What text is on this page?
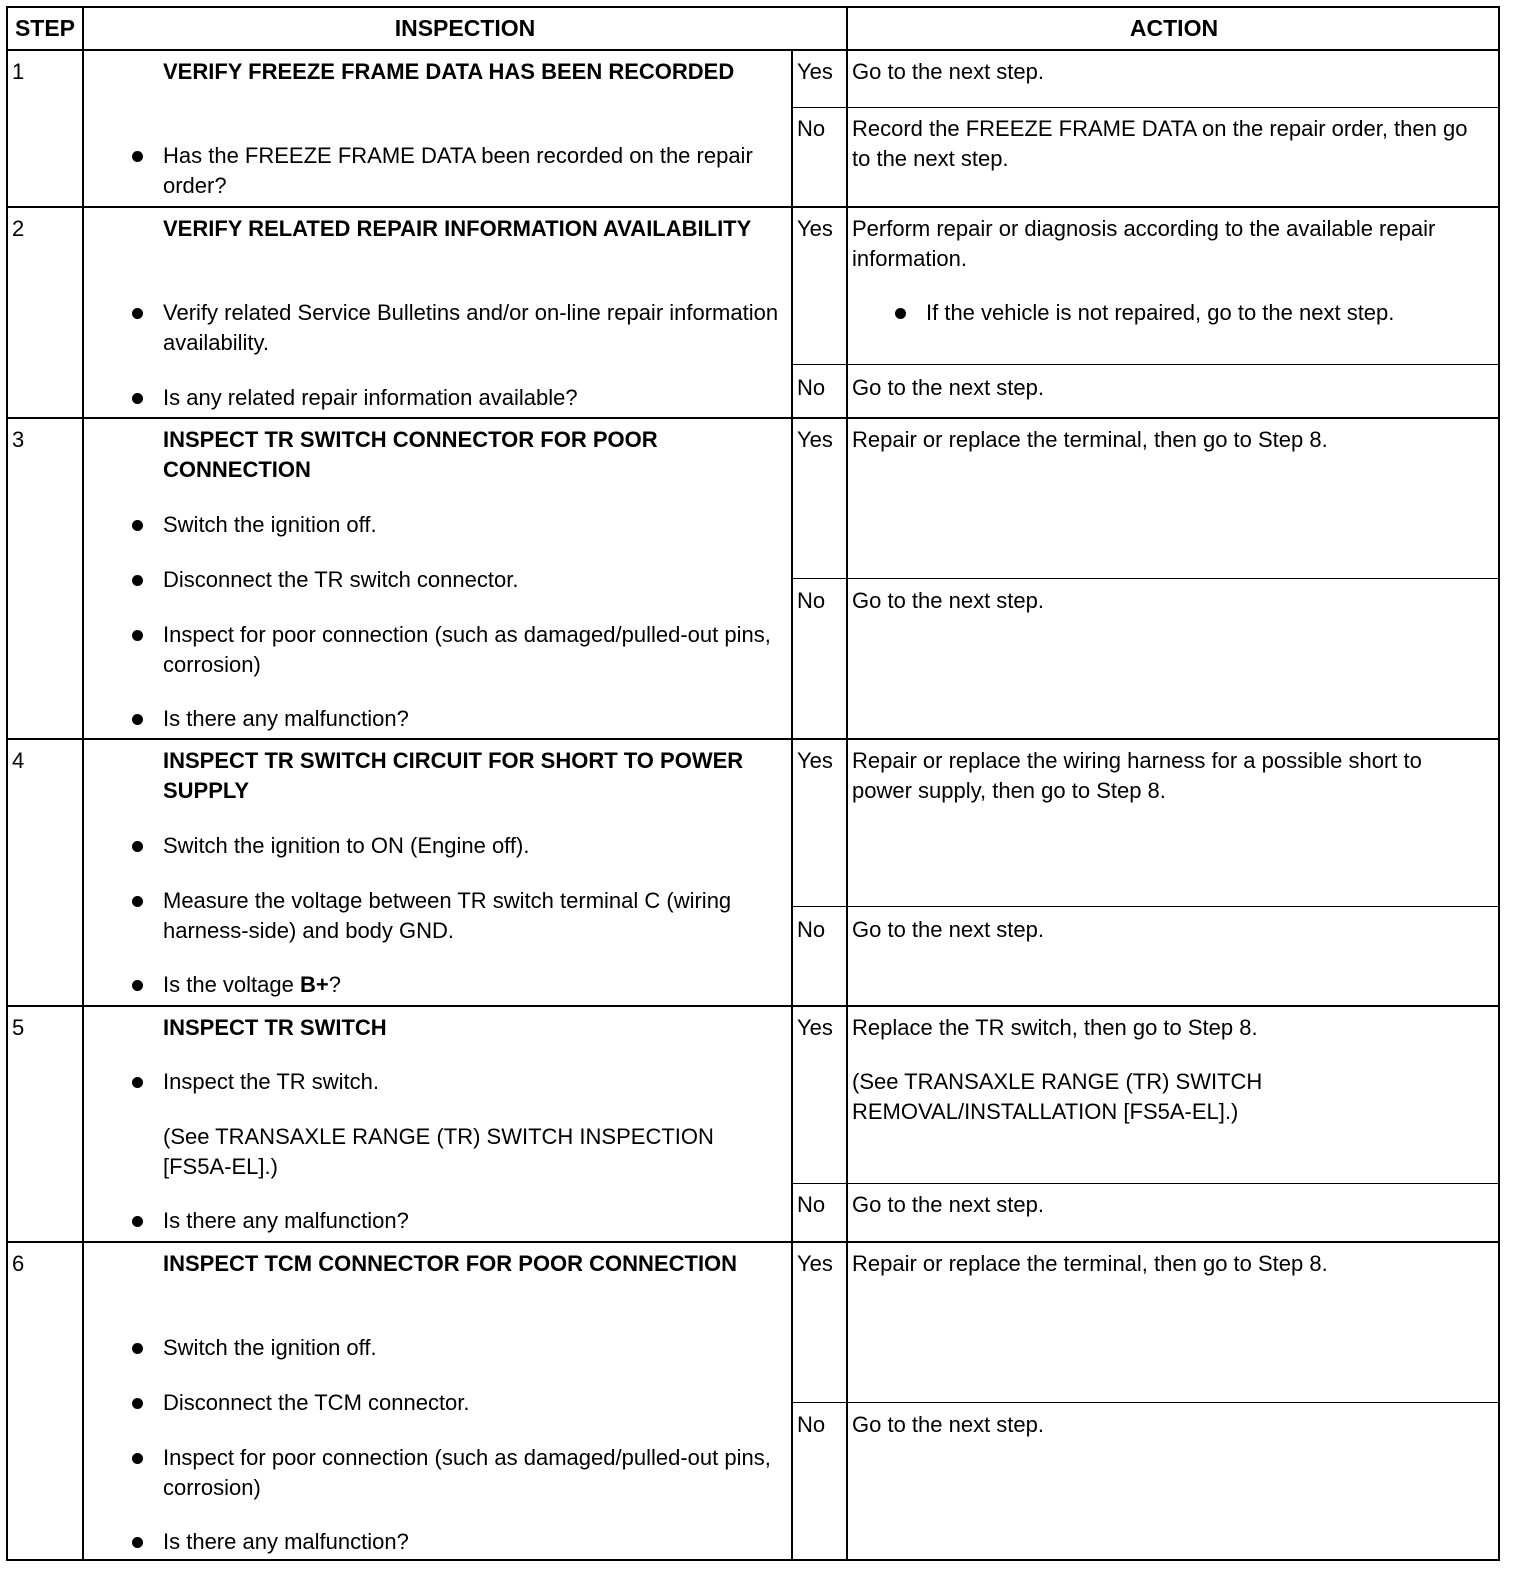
STEP	INSPECTION	ACTION
1	VERIFY FREEZE FRAME DATA HAS BEEN RECORDED
Has the FREEZE FRAME DATA been recorded on the repair order?
Yes Go to the next step.
No Record the FREEZE FRAME DATA on the repair order, then go to the next step.
2	VERIFY RELATED REPAIR INFORMATION AVAILABILITY
Verify related Service Bulletins and/or on-line repair information availability.
Is any related repair information available?
Yes Perform repair or diagnosis according to the available repair information.
If the vehicle is not repaired, go to the next step.
No Go to the next step.
3	INSPECT TR SWITCH CONNECTOR FOR POOR CONNECTION
Switch the ignition off.
Disconnect the TR switch connector.
Inspect for poor connection (such as damaged/pulled-out pins, corrosion)
Is there any malfunction?
Yes Repair or replace the terminal, then go to Step 8.
No Go to the next step.
4	INSPECT TR SWITCH CIRCUIT FOR SHORT TO POWER SUPPLY
Switch the ignition to ON (Engine off).
Measure the voltage between TR switch terminal C (wiring harness-side) and body GND.
Is the voltage B+?
Yes Repair or replace the wiring harness for a possible short to power supply, then go to Step 8.
No Go to the next step.
5	INSPECT TR SWITCH
Inspect the TR switch.
(See TRANSAXLE RANGE (TR) SWITCH INSPECTION [FS5A-EL].)
Is there any malfunction?
Yes Replace the TR switch, then go to Step 8.
(See TRANSAXLE RANGE (TR) SWITCH REMOVAL/INSTALLATION [FS5A-EL].)
No Go to the next step.
6	INSPECT TCM CONNECTOR FOR POOR CONNECTION
Switch the ignition off.
Disconnect the TCM connector.
Inspect for poor connection (such as damaged/pulled-out pins, corrosion)
Is there any malfunction?
Yes Repair or replace the terminal, then go to Step 8.
No Go to the next step.
